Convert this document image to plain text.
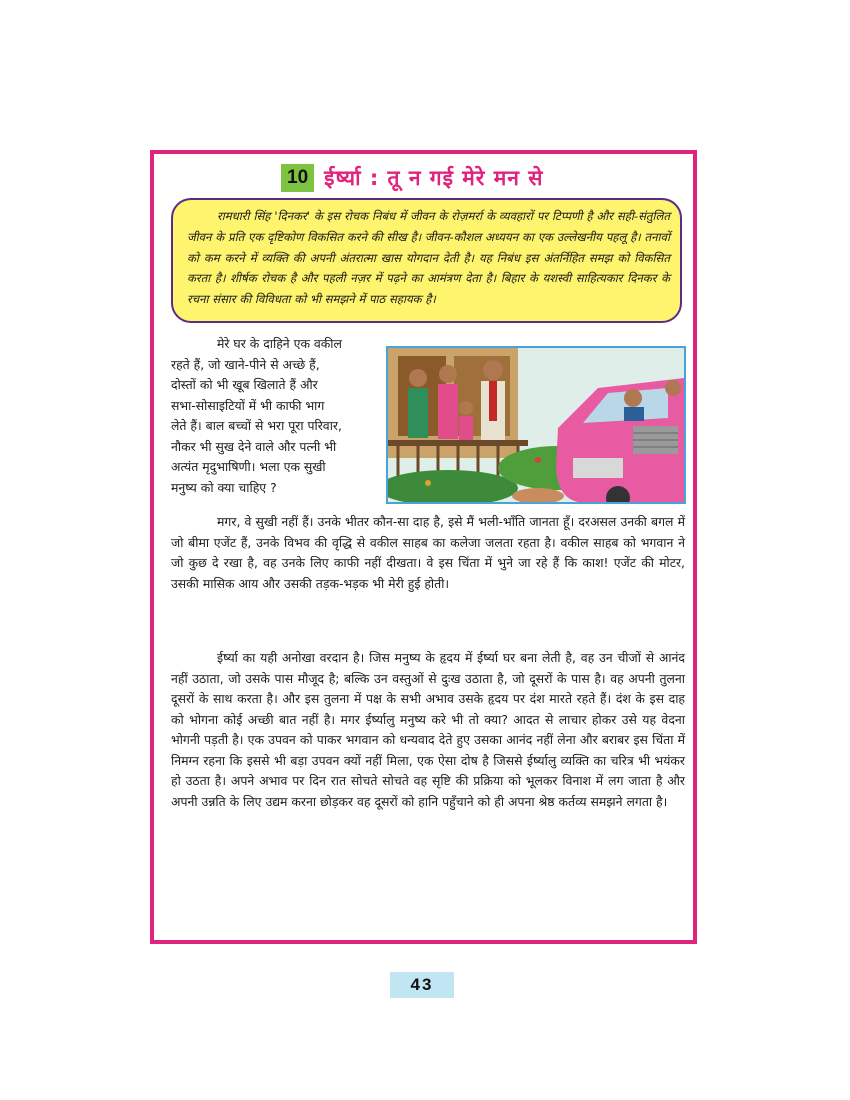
10 ईर्ष्या : तू न गई मेरे मन से
रामधारी सिंह 'दिनकर' के इस रोचक निबंध में जीवन के रोज़मर्रा के व्यवहारों पर टिप्पणी है और सही-संतुलित जीवन के प्रति एक दृष्टिकोण विकसित करने की सीख है। जीवन-कौशल अध्ययन का एक उल्लेखनीय पहलू है। तनावों को कम करने में व्यक्ति की अपनी अंतरात्मा खास योगदान देती है। यह निबंध इस अंतर्निहित समझ को विकसित करता है। शीर्षक रोचक है और पहली नज़र में पढ़ने का आमंत्रण देता है। बिहार के यशस्वी साहित्यकार दिनकर के रचना संसार की विविधता को भी समझने में पाठ सहायक है।
मेरे घर के दाहिने एक वकील
रहते हैं, जो खाने-पीने से अच्छे हैं,
दोस्तों को भी खूब खिलाते हैं और
सभा-सोसाइटियों में भी काफी भाग
लेते हैं। बाल बच्चों से भरा पूरा परिवार,
नौकर भी सुख देने वाले और पत्नी भी
अत्यंत मृदुभाषिणी। भला एक सुखी
मनुष्य को क्या चाहिए ?
मगर, वे सुखी नहीं हैं। उनके भीतर कौन-सा दाह है, इसे मैं भली-भाँति जानता हूँ। दरअसल उनकी बगल में जो बीमा एजेंट हैं, उनके विभव की वृद्धि से वकील साहब का कलेजा जलता रहता है। वकील साहब को भगवान ने जो कुछ दे रखा है, वह उनके लिए काफी नहीं दीखता। वे इस चिंता में भुने जा रहे हैं कि काश! एजेंट की मोटर, उसकी मासिक आय और उसकी तड़क-भड़क भी मेरी हुई होती।
ईर्ष्या का यही अनोखा वरदान है। जिस मनुष्य के हृदय में ईर्ष्या घर बना लेती है, वह उन चीजों से आनंद नहीं उठाता, जो उसके पास मौजूद है; बल्कि उन वस्तुओं से दुःख उठाता है, जो दूसरों के पास है। वह अपनी तुलना दूसरों के साथ करता है। और इस तुलना में पक्ष के सभी अभाव उसके हृदय पर दंश मारते रहते हैं। दंश के इस दाह को भोगना कोई अच्छी बात नहीं है। मगर ईर्ष्यालु मनुष्य करे भी तो क्या? आदत से लाचार होकर उसे यह वेदना भोगनी पड़ती है। एक उपवन को पाकर भगवान को धन्यवाद देते हुए उसका आनंद नहीं लेना और बराबर इस चिंता में निमग्न रहना कि इससे भी बड़ा उपवन क्यों नहीं मिला, एक ऐसा दोष है जिससे ईर्ष्यालु व्यक्ति का चरित्र भी भयंकर हो उठता है। अपने अभाव पर दिन रात सोचते सोचते वह सृष्टि की प्रक्रिया को भूलकर विनाश में लग जाता है और अपनी उन्नति के लिए उद्यम करना छोड़कर वह दूसरों को हानि पहुँचाने को ही अपना श्रेष्ठ कर्तव्य समझने लगता है।
43
